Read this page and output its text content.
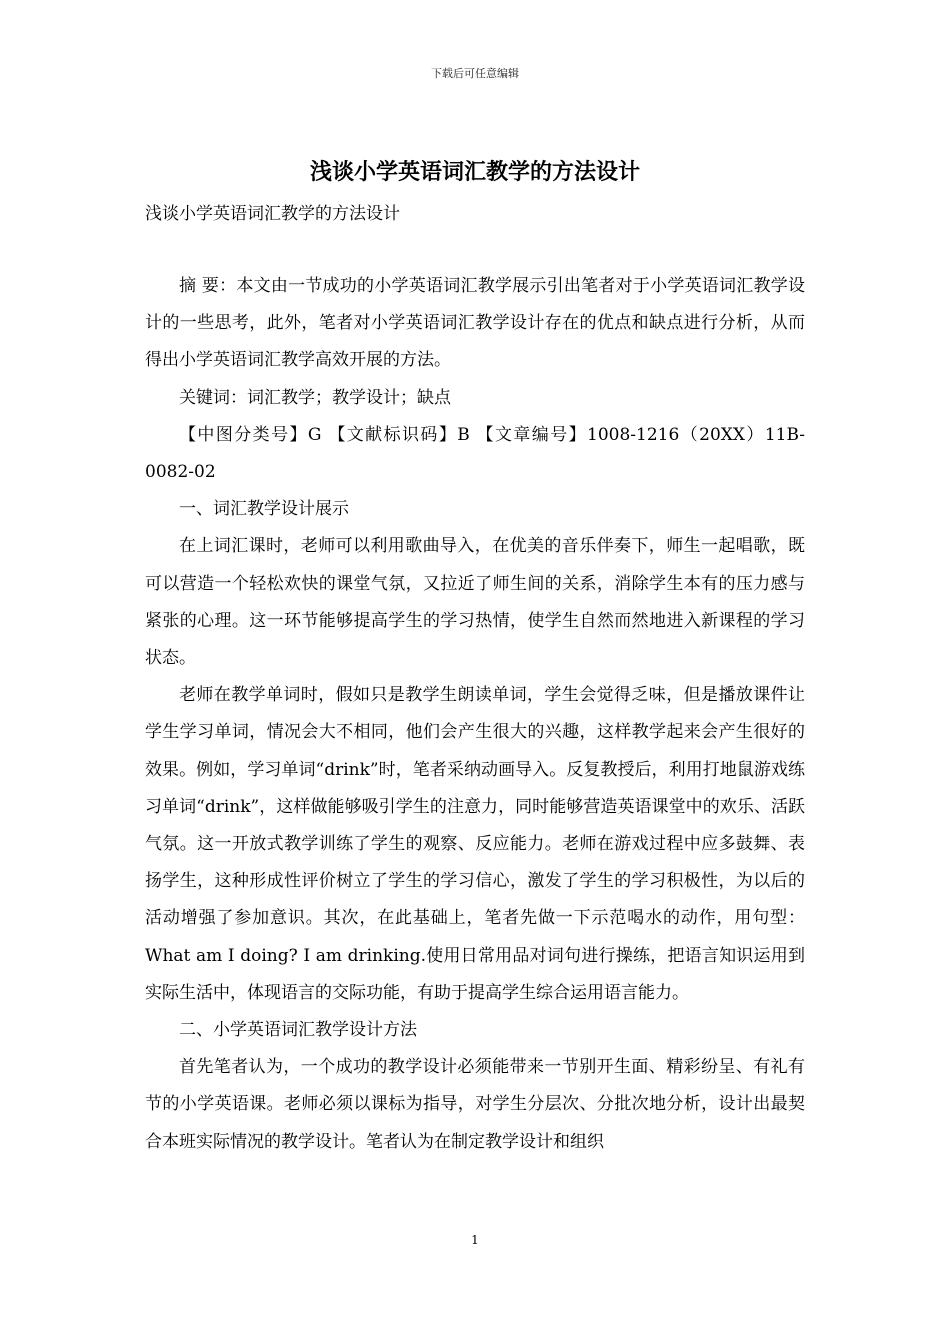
下载后可任意编辑
浅谈小学英语词汇教学的方法设计
浅谈小学英语词汇教学的方法设计

摘 要：本文由一节成功的小学英语词汇教学展示引出笔者对于小学英语词汇教学设计的一些思考，此外，笔者对小学英语词汇教学设计存在的优点和缺点进行分析，从而得出小学英语词汇教学高效开展的方法。

关键词：词汇教学；教学设计；缺点

【中图分类号】G 【文献标识码】B 【文章编号】1008-1216（20XX）11B-0082-02

一、词汇教学设计展示

在上词汇课时，老师可以利用歌曲导入，在优美的音乐伴奏下，师生一起唱歌，既可以营造一个轻松欢快的课堂气氛，又拉近了师生间的关系，消除学生本有的压力感与紧张的心理。这一环节能够提高学生的学习热情，使学生自然而然地进入新课程的学习状态。

老师在教学单词时，假如只是教学生朗读单词，学生会觉得乏味，但是播放课件让学生学习单词，情况会大不相同，他们会产生很大的兴趣，这样教学起来会产生很好的效果。例如，学习单词“drink”时，笔者采纳动画导入。反复教授后，利用打地鼠游戏练习单词“drink”，这样做能够吸引学生的注意力，同时能够营造英语课堂中的欢乐、活跃气氛。这一开放式教学训练了学生的观察、反应能力。老师在游戏过程中应多鼓舞、表扬学生，这种形成性评价树立了学生的学习信心，激发了学生的学习积极性，为以后的活动增强了参加意识。其次，在此基础上，笔者先做一下示范喝水的动作，用句型：What am I doing? I am drinking.使用日常用品对词句进行操练，把语言知识运用到实际生活中，体现语言的交际功能，有助于提高学生综合运用语言能力。

二、小学英语词汇教学设计方法

首先笔者认为，一个成功的教学设计必须能带来一节别开生面、精彩纷呈、有礼有节的小学英语课。老师必须以课标为指导，对学生分层次、分批次地分析，设计出最契合本班实际情况的教学设计。笔者认为在制定教学设计和组织

1
